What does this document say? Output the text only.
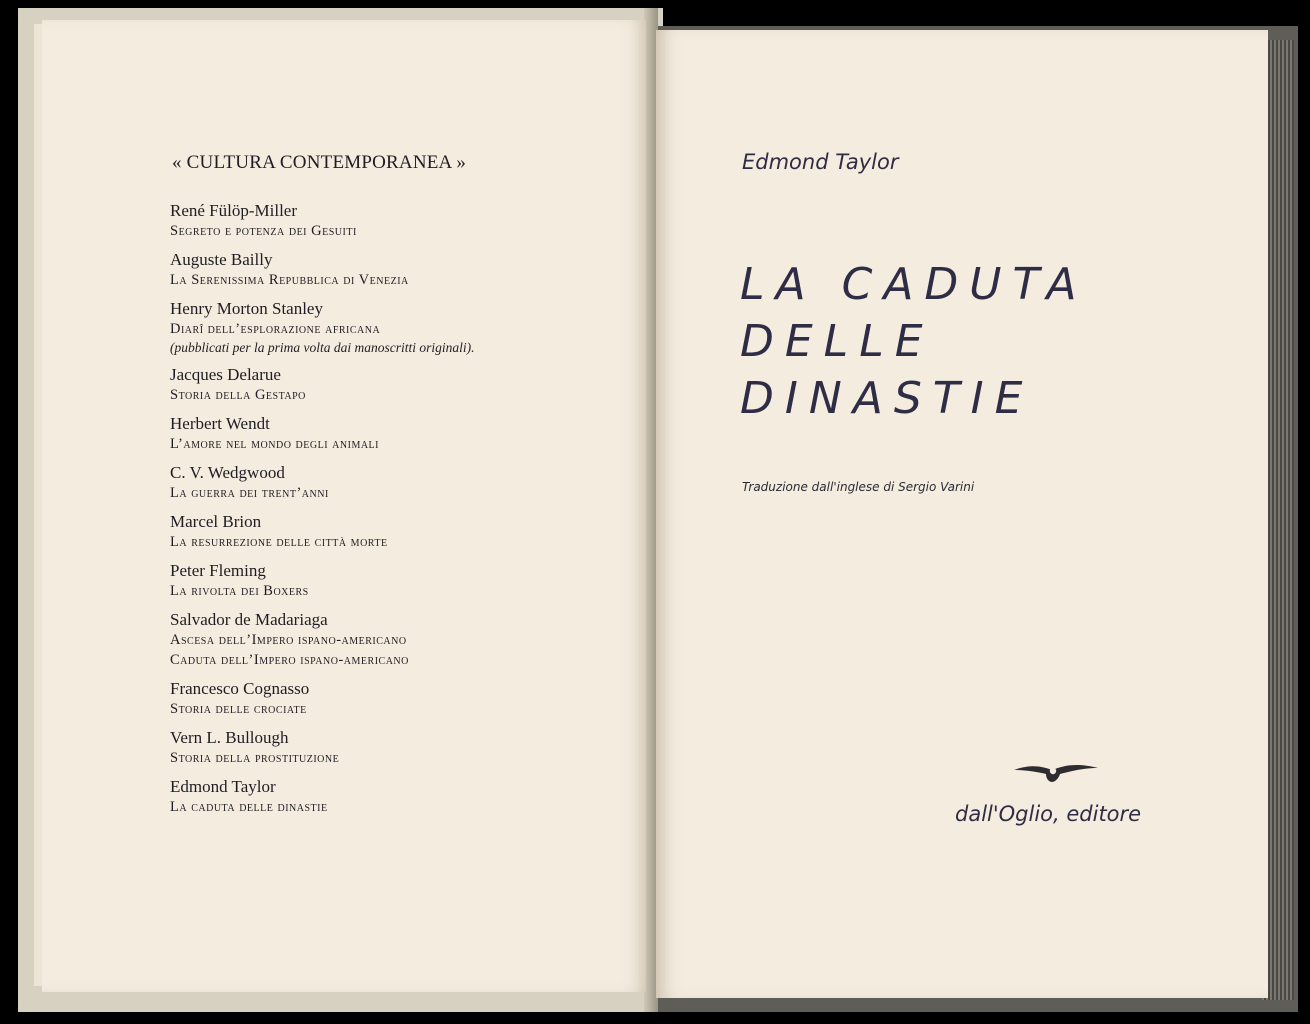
« CULTURA CONTEMPORANEA »
René Fülöp-Miller
Segreto e potenza dei Gesuiti
Auguste Bailly
La Serenissima Repubblica di Venezia
Henry Morton Stanley
Diarî dell’esplorazione africana
(pubblicati per la prima volta dai manoscritti originali).
Jacques Delarue
Storia della Gestapo
Herbert Wendt
L’amore nel mondo degli animali
C. V. Wedgwood
La guerra dei trent’anni
Marcel Brion
La resurrezione delle città morte
Peter Fleming
La rivolta dei Boxers
Salvador de Madariaga
Ascesa dell’Impero ispano-americano
Caduta dell’Impero ispano-americano
Francesco Cognasso
Storia delle crociate
Vern L. Bullough
Storia della prostituzione
Edmond Taylor
La caduta delle dinastie
Edmond Taylor
LA CADUTA
DELLE
DINASTIE
Traduzione dall'inglese di Sergio Varini
dall'Oglio, editore
